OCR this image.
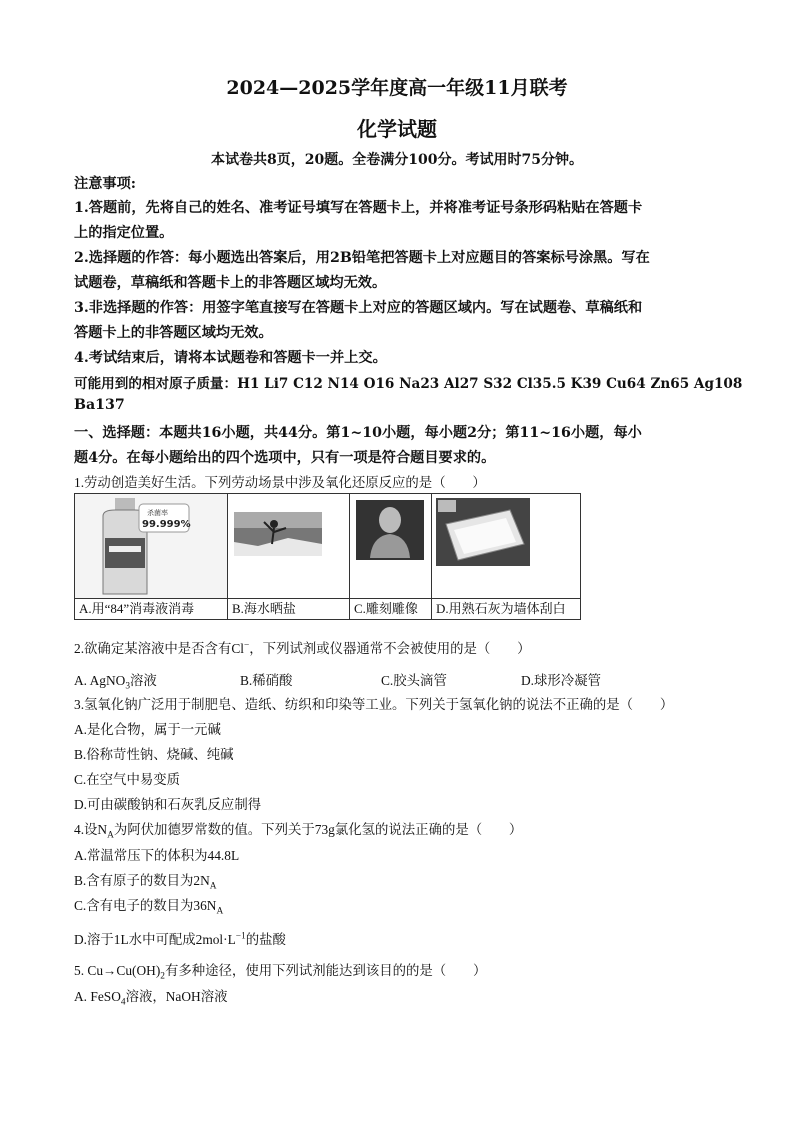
2024—2025学年度高一年级11月联考
化学试题
本试卷共8页，20题。全卷满分100分。考试用时75分钟。
注意事项:
1.答题前，先将自己的姓名、准考证号填写在答题卡上，并将准考证号条形码粘贴在答题卡
上的指定位置。
2.选择题的作答：每小题选出答案后，用2B铅笔把答题卡上对应题目的答案标号涂黑。写在
试题卷，草稿纸和答题卡上的非答题区域均无效。
3.非选择题的作答：用签字笔直接写在答题卡上对应的答题区域内。写在试题卷、草稿纸和
答题卡上的非答题区域均无效。
4.考试结束后，请将本试题卷和答题卡一并上交。
可能用到的相对原子质量：H1 Li7 C12 N14 O16 Na23 Al27 S32 Cl35.5 K39 Cu64 Zn65 Ag108
Ba137
一、选择题：本题共16小题，共44分。第1~10小题，每小题2分；第11~16小题，每小
题4分。在每小题给出的四个选项中，只有一项是符合题目要求的。
1.劳动创造美好生活。下列劳动场景中涉及氧化还原反应的是（　　）
杀菌率
99.999%

A.用“84”消毒液消毒	B.海水晒盐	C.雕刻雕像	D.用熟石灰为墙体刮白
2.欲确定某溶液中是否含有Cl−，下列试剂或仪器通常不会被使用的是（　　）
A. AgNO$_3$溶液	B.稀硝酸	C.胶头滴管	D.球形冷凝管
3.氢氧化钠广泛用于制肥皂、造纸、纺织和印染等工业。下列关于氢氧化钠的说法不正确的是（　　）
A.是化合物，属于一元碱
B.俗称苛性钠、烧碱、纯碱
C.在空气中易变质
D.可由碳酸钠和石灰乳反应制得
4.设$N_A$为阿伏加德罗常数的值。下列关于73g氯化氢的说法正确的是（　　）
A.常温常压下的体积为44.8L
B.含有原子的数目为$2N_A$
C.含有电子的数目为$36N_A$
D.溶于1L水中可配成$2mol\cdot L^{-1}$的盐酸
5. $Cu\to Cu(OH)_2$有多种途径，使用下列试剂能达到该目的的是（　　）
A. FeSO$_4$溶液，NaOH溶液
